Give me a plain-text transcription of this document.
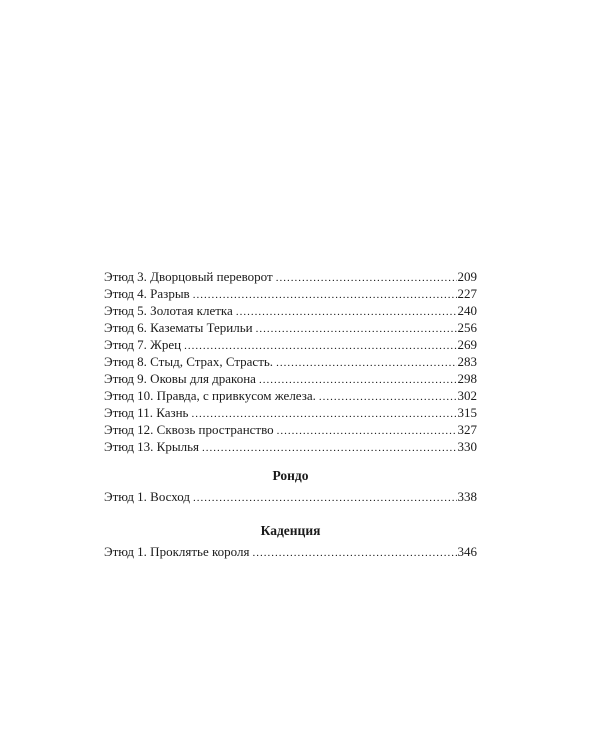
Этюд 3. Дворцовый переворот .....	209
Этюд 4. Разрыв .....	227
Этюд 5. Золотая клетка .....	240
Этюд 6. Казематы Терильи .....	256
Этюд 7. Жрец .....	269
Этюд 8. Стыд, Страх, Страсть. .....	283
Этюд 9. Оковы для дракона .....	298
Этюд 10. Правда, с привкусом железа. .....	302
Этюд 11. Казнь .....	315
Этюд 12. Сквозь пространство .....	327
Этюд 13. Крылья .....	330
Рондо
Этюд 1. Восход .....	338
Каденция
Этюд 1. Проклятье короля .....	346
